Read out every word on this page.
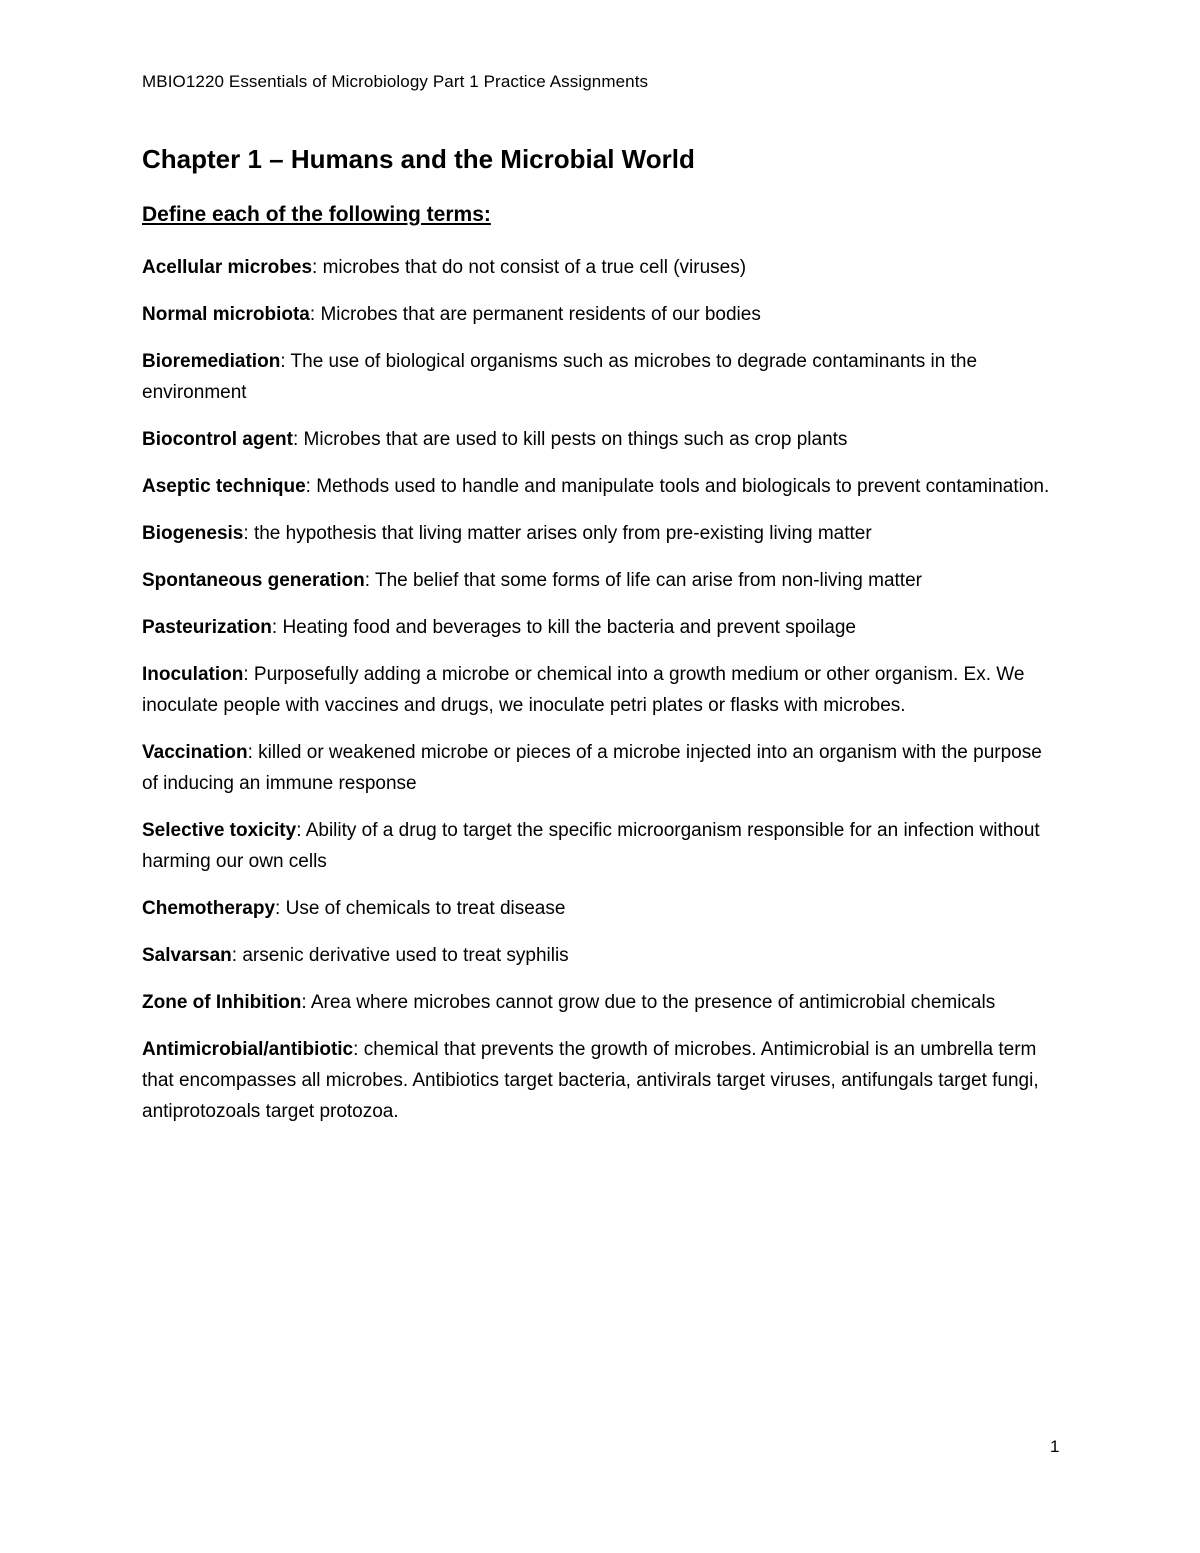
MBIO1220 Essentials of Microbiology Part 1 Practice Assignments
Chapter 1 – Humans and the Microbial World
Define each of the following terms:
Acellular microbes: microbes that do not consist of a true cell (viruses)
Normal microbiota: Microbes that are permanent residents of our bodies
Bioremediation: The use of biological organisms such as microbes to degrade contaminants in the environment
Biocontrol agent: Microbes that are used to kill pests on things such as crop plants
Aseptic technique: Methods used to handle and manipulate tools and biologicals to prevent contamination.
Biogenesis: the hypothesis that living matter arises only from pre-existing living matter
Spontaneous generation: The belief that some forms of life can arise from non-living matter
Pasteurization: Heating food and beverages to kill the bacteria and prevent spoilage
Inoculation: Purposefully adding a microbe or chemical into a growth medium or other organism. Ex. We inoculate people with vaccines and drugs, we inoculate petri plates or flasks with microbes.
Vaccination: killed or weakened microbe or pieces of a microbe injected into an organism with the purpose of inducing an immune response
Selective toxicity: Ability of a drug to target the specific microorganism responsible for an infection without harming our own cells
Chemotherapy: Use of chemicals to treat disease
Salvarsan: arsenic derivative used to treat syphilis
Zone of Inhibition: Area where microbes cannot grow due to the presence of antimicrobial chemicals
Antimicrobial/antibiotic: chemical that prevents the growth of microbes. Antimicrobial is an umbrella term that encompasses all microbes. Antibiotics target bacteria, antivirals target viruses, antifungals target fungi, antiprotozoals target protozoa.
1
